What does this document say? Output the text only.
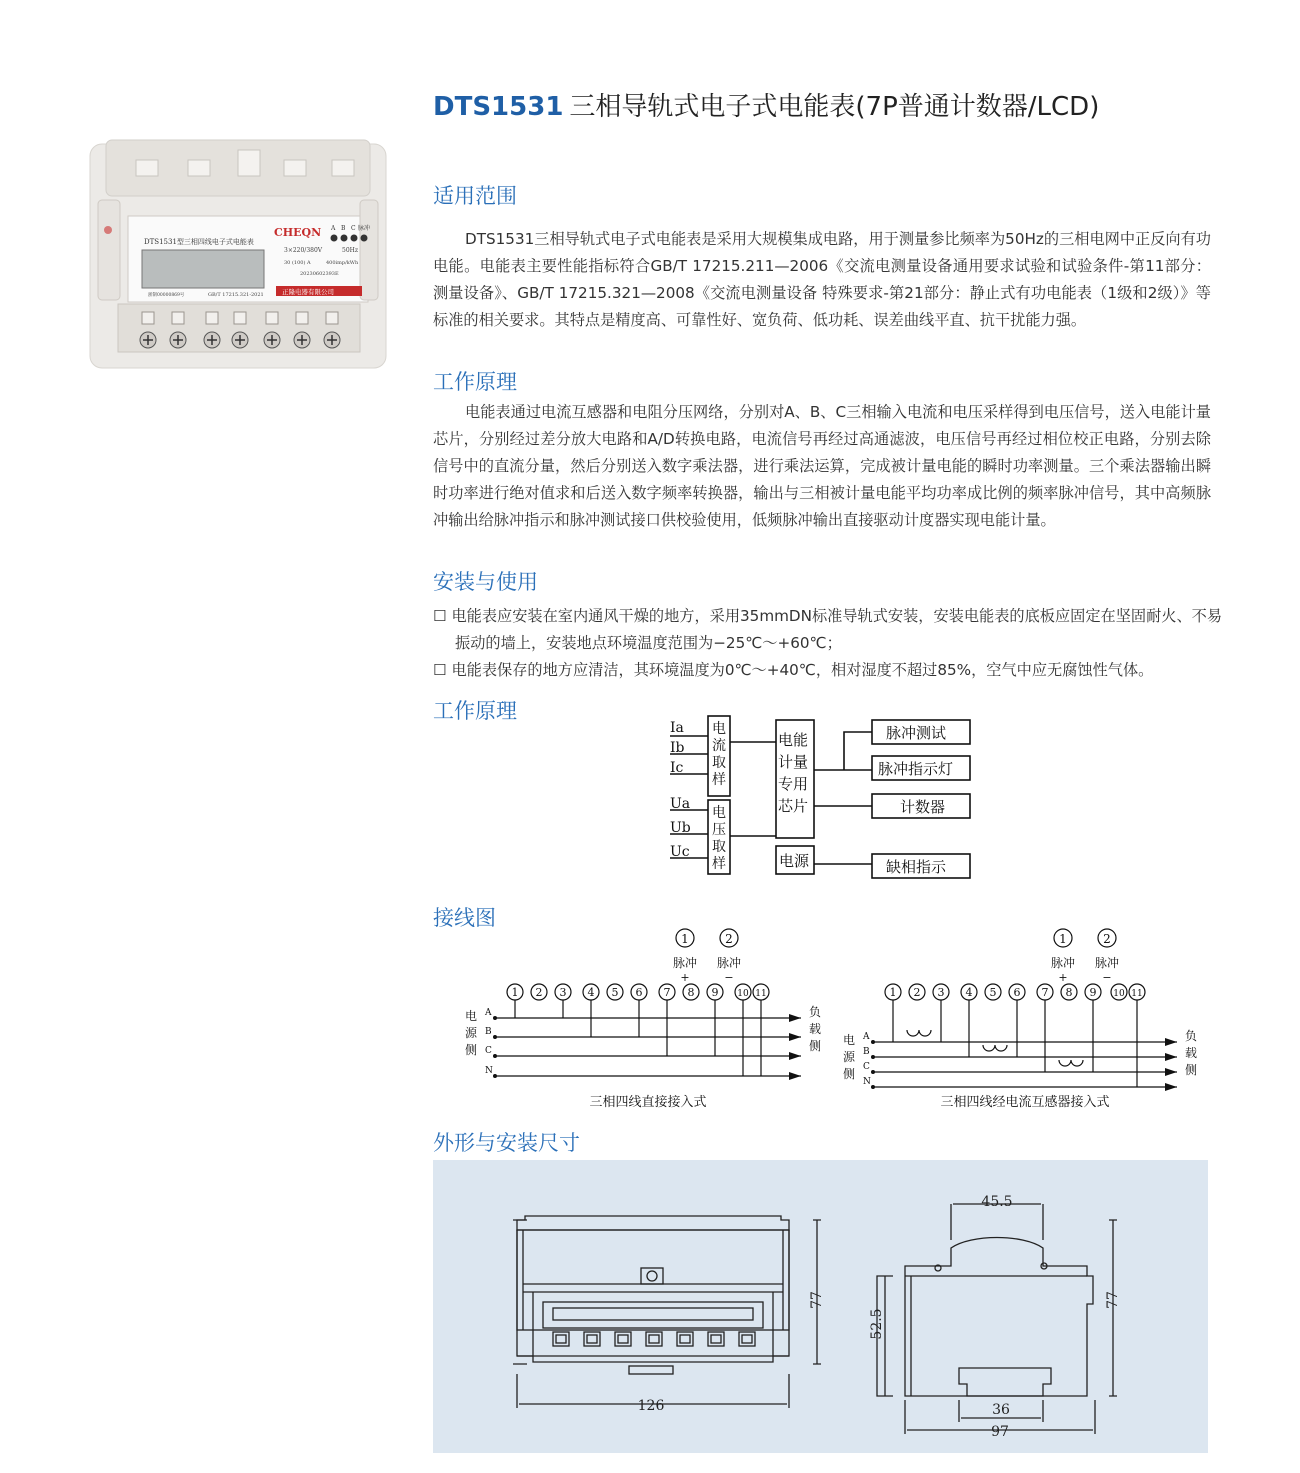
DTS1531 三相导轨式电子式电能表(7P普通计数器/LCD)
DTS1531型三相四线电子式电能表
CHEQN A B C 脉冲
3×220/380V	50Hz
30 (100) A	400imp/kWh
20230602393E
浙制00000869号	GB/T 17215.321-2021	正隆电器有限公司
适用范围
DTS1531三相导轨式电子式电能表是采用大规模集成电路，用于测量参比频率为50Hz的三相电网中正反向有功电能。电能表主要性能指标符合GB/T 17215.211—2006《交流电测量设备通用要求试验和试验条件-第11部分：测量设备》、GB/T 17215.321—2008《交流电测量设备 特殊要求-第21部分：静止式有功电能表（1级和2级）》等标准的相关要求。其特点是精度高、可靠性好、宽负荷、低功耗、误差曲线平直、抗干扰能力强。
工作原理
电能表通过电流互感器和电阻分压网络，分别对A、B、C三相输入电流和电压采样得到电压信号，送入电能计量芯片，分别经过差分放大电路和A/D转换电路，电流信号再经过高通滤波，电压信号再经过相位校正电路，分别去除信号中的直流分量，然后分别送入数字乘法器，进行乘法运算，完成被计量电能的瞬时功率测量。三个乘法器输出瞬时功率进行绝对值求和后送入数字频率转换器，输出与三相被计量电能平均功率成比例的频率脉冲信号，其中高频脉冲输出给脉冲指示和脉冲测试接口供校验使用，低频脉冲输出直接驱动计度器实现电能计量。
安装与使用
☐ 电能表应安装在室内通风干燥的地方，采用35mmDN标准导轨式安装，安装电能表的底板应固定在坚固耐火、不易振动的墙上，安装地点环境温度范围为−25℃～+60℃；
☐ 电能表保存的地方应清洁，其环境温度为0℃～+40℃，相对湿度不超过85%，空气中应无腐蚀性气体。
工作原理
Ia
Ib
Ic
Ua
Ub
Uc
电流取样
电压取样
电能
计量
专用
芯片
电源
脉冲测试
脉冲指示灯
计数器
缺相指示
接线图
1
脉冲
+
2
脉冲
−
1 2 3 4 5 6 7 8 9 10 11
A
B
C
N
电
源
侧
负
载
侧
三相四线直接接入式
1
脉冲
+
2
脉冲
−
1 2 3 4 5 6 7 8 9 10 11
A
B
C
N
电
源
侧
负
载
侧
三相四线经电流互感器接入式
外形与安装尺寸
77
126
45.5
77
52.5
36
97
